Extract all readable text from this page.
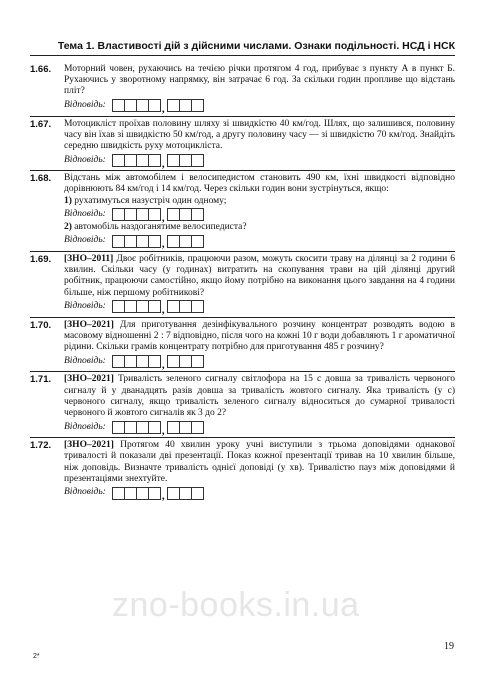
Тема 1. Властивості дій з дійсними числами. Ознаки подільності. НСД і НСК
1.66.	Моторний човен, рухаючись на течією річки протягом 4 год, прибуває з пункту А в пункт Б. Рухаючись у зворотному напрямку, він затрачає 6 год. За скільки годин пропливе що відстань пліт?

Відповідь:
,
1.67.	Мотоцикліст проїхав половину шляху зі швидкістю 40 км/год. Шлях, що залишився, половину часу він їхав зі швидкістю 50 км/год, а другу половину часу — зі швидкістю 70 км/год. Знайдіть середню швидкість руху мотоцикліста.

Відповідь:
,
1.68.	Відстань між автомобілем і велосипедистом становить 490 км, їхні швидкості відповідно дорівнюють 84 км/год і 14 км/год. Через скільки годин вони зустрінуться, якщо:

1) рухатимуться назустріч один одному;

Відповідь:
,

2) автомобіль наздоганятиме велосипедиста?

Відповідь:
,
1.69.	[ЗНО–2011] Двоє робітників, працюючи разом, можуть скосити траву на ділянці за 2 години 6 хвилин. Скільки часу (у годинах) витратить на скопування трави на цій ділянці другий робітник, працюючи самостійно, якщо йому потрібно на виконання цього завдання на 4 години більше, ніж першому робітникові?

Відповідь:
,
1.70.	[ЗНО–2021] Для приготування дезінфікувального розчину концентрат розводять водою в масовому відношенні 2 : 7 відповідно, після чого на кожні 10 г води добавляють 1 г ароматичної рідини. Скільки грамів концентрату потрібно для приготування 485 г розчину?

Відповідь:
,
1.71.	[ЗНО–2021] Тривалість зеленого сигналу світлофора на 15 с довша за тривалість червоного сигналу й у дванадцять разів довша за тривалість жовтого сигналу. Яка тривалість (у с) червоного сигналу, якщо тривалість зеленого сигналу відноситься до сумарної тривалості червоного й жовтого сигналів як 3 до 2?

Відповідь:
,
1.72.	[ЗНО–2021] Протягом 40 хвилин уроку учні виступили з трьома доповідями однакової тривалості й показали дві презентації. Показ кожної презентації тривав на 10 хвилин більше, ніж доповідь. Визначте тривалість однієї доповіді (у хв). Тривалістю пауз між доповідями й презентаціями знехтуйте.

Відповідь:
,
zno-books.in.ua
19
2*
